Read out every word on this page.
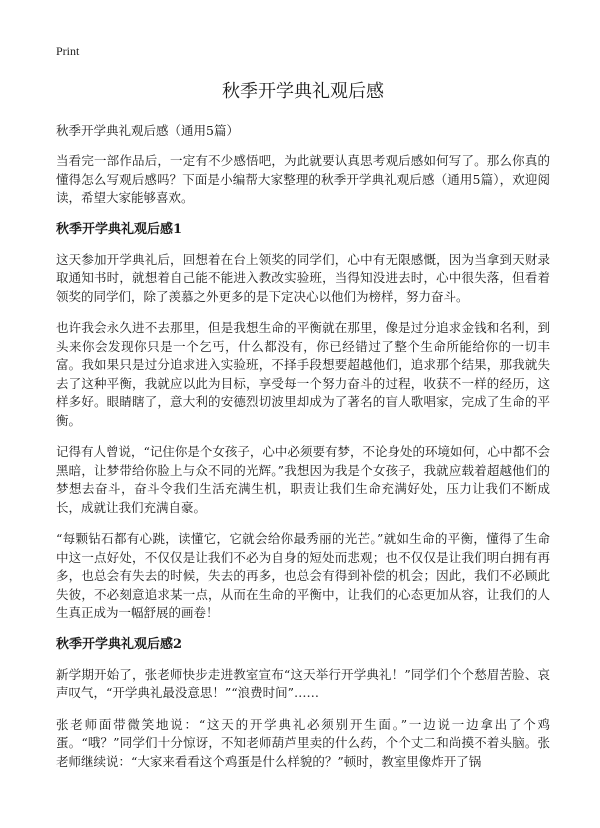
Print
秋季开学典礼观后感

秋季开学典礼观后感（通用5篇）

当看完一部作品后，一定有不少感悟吧，为此就要认真思考观后感如何写了。那么你真的懂得怎么写观后感吗？下面是小编帮大家整理的秋季开学典礼观后感（通用5篇），欢迎阅读，希望大家能够喜欢。

秋季开学典礼观后感1

这天参加开学典礼后，回想着在台上领奖的同学们，心中有无限感慨，因为当拿到天财录取通知书时，就想着自己能不能进入教改实验班，当得知没进去时，心中很失落，但看着领奖的同学们，除了羡慕之外更多的是下定决心以他们为榜样，努力奋斗。

也许我会永久进不去那里，但是我想生命的平衡就在那里，像是过分追求金钱和名利，到头来你会发现你只是一个乞丐，什么都没有，你已经错过了整个生命所能给你的一切丰富。我如果只是过分追求进入实验班，不择手段想要超越他们，追求那个结果，那我就失去了这种平衡，我就应以此为目标，享受每一个努力奋斗的过程，收获不一样的经历，这样多好。眼睛瞎了，意大利的安德烈切波里却成为了著名的盲人歌唱家，完成了生命的平衡。

记得有人曾说，“记住你是个女孩子，心中必须要有梦，不论身处的环境如何，心中都不会黑暗，让梦带给你脸上与众不同的光辉。”我想因为我是个女孩子，我就应载着超越他们的梦想去奋斗，奋斗令我们生活充满生机，职责让我们生命充满好处，压力让我们不断成长，成就让我们充满自豪。

“每颗钻石都有心跳，读懂它，它就会给你最秀丽的光芒。”就如生命的平衡，懂得了生命中这一点好处，不仅仅是让我们不必为自身的短处而悲观；也不仅仅是让我们明白拥有再多，也总会有失去的时候，失去的再多，也总会有得到补偿的机会；因此，我们不必顾此失彼，不必刻意追求某一点，从而在生命的平衡中，让我们的心态更加从容，让我们的人生真正成为一幅舒展的画卷！

秋季开学典礼观后感2

新学期开始了，张老师快步走进教室宣布“这天举行开学典礼！”同学们个个愁眉苦脸、哀声叹气，“开学典礼最没意思！”“浪费时间”……

张老师面带微笑地说：“这天的开学典礼必须别开生面。”一边说一边拿出了个鸡蛋。“哦？”同学们十分惊讶，不知老师葫芦里卖的什么药，个个丈二和尚摸不着头脑。张老师继续说：“大家来看看这个鸡蛋是什么样貌的？”顿时，教室里像炸开了锅
